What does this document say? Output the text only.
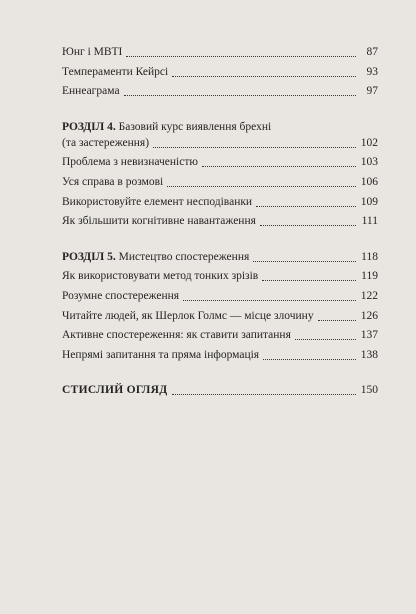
Юнг і MBTI	87
Темпераменти Кейрсі	93
Еннеаграма	97
РОЗДІЛ 4. Базовий курс виявлення брехні
(та застереження)	102
Проблема з невизначеністю	103
Уся справа в розмові	106
Використовуйте елемент несподіванки	109
Як збільшити когнітивне навантаження	111
РОЗДІЛ 5. Мистецтво спостереження	118
Як використовувати метод тонких зрізів	119
Розумне спостереження	122
Читайте людей, як Шерлок Голмс — місце злочину	126
Активне спостереження: як ставити запитання	137
Непрямі запитання та пряма інформація	138
СТИСЛИЙ ОГЛЯД	150
